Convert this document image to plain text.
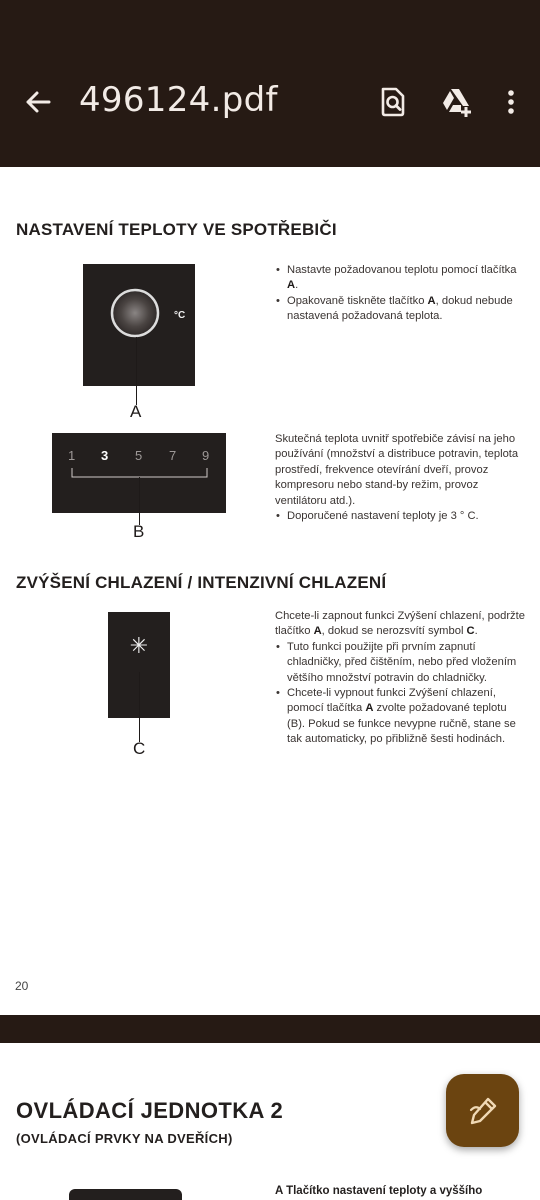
496124.pdf
NASTAVENÍ TEPLOTY VE SPOTŘEBIČI
°C
A
• Nastavte požadovanou teplotu pomocí tlačítka A.
• Opakovaně tiskněte tlačítko A, dokud nebude nastavená požadovaná teplota.
1 3 5 7 9
B
Skutečná teplota uvnitř spotřebiče závisí na jeho používání (množství a distribuce potravin, teplota prostředí, frekvence otevírání dveří, provoz kompresoru nebo stand-by režim, provoz ventilátoru atd.).
• Doporučené nastavení teploty je 3 ° C.
ZVÝŠENÍ CHLAZENÍ / INTENZIVNÍ CHLAZENÍ
✳
C
Chcete-li zapnout funkci Zvýšení chlazení, podržte tlačítko A, dokud se nerozsvítí symbol C.
• Tuto funkci použijte při prvním zapnutí chladničky, před čištěním, nebo před vložením většího množství potravin do chladničky.
• Chcete-li vypnout funkci Zvýšení chlazení, pomocí tlačítka A zvolte požadované teplotu (B). Pokud se funkce nevypne ručně, stane se tak automaticky, po přibližně šesti hodinách.
20
OVLÁDACÍ JEDNOTKA 2
(OVLÁDACÍ PRVKY NA DVEŘÍCH)
A Tlačítko nastavení teploty a vyššího
